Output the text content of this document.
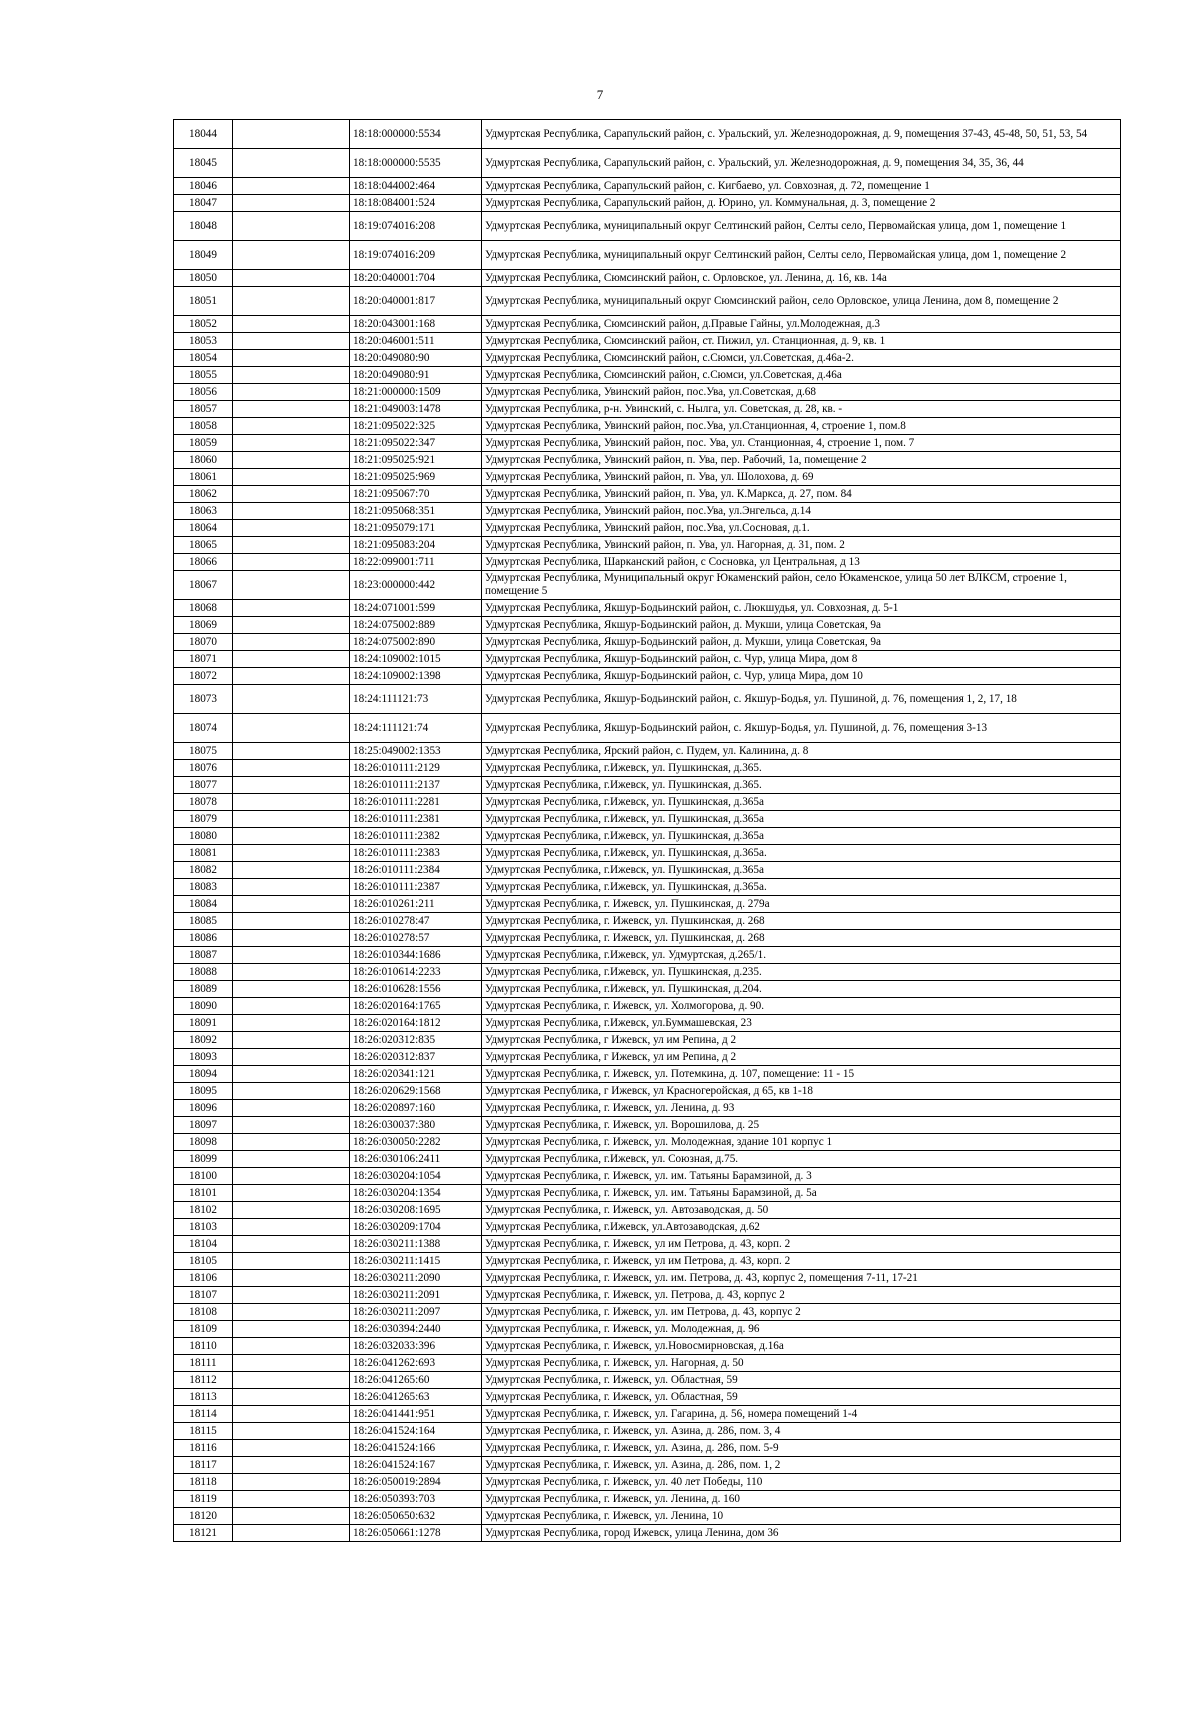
7
18044		18:18:000000:5534	Удмуртская Республика, Сарапульский район, с. Уральский, ул. Железнодорожная, д. 9, помещения 37-43, 45-48, 50, 51, 53, 54
18045		18:18:000000:5535	Удмуртская Республика, Сарапульский район, с. Уральский, ул. Железнодорожная, д. 9, помещения 34, 35, 36, 44
18046		18:18:044002:464	Удмуртская Республика, Сарапульский район, с. Кигбаево, ул. Совхозная, д. 72, помещение 1
18047		18:18:084001:524	Удмуртская Республика, Сарапульский район, д. Юрино, ул. Коммунальная, д. 3, помещение 2
18048		18:19:074016:208	Удмуртская Республика, муниципальный округ Селтинский район, Селты село, Первомайская улица, дом 1, помещение 1
18049		18:19:074016:209	Удмуртская Республика, муниципальный округ Селтинский район, Селты село, Первомайская улица, дом 1, помещение 2
18050		18:20:040001:704	Удмуртская Республика, Сюмсинский район, с. Орловское, ул. Ленина, д. 16, кв. 14а
18051		18:20:040001:817	Удмуртская Республика, муниципальный округ Сюмсинский район, село Орловское, улица Ленина, дом 8, помещение 2
18052		18:20:043001:168	Удмуртская Республика, Сюмсинский район, д.Правые Гайны, ул.Молодежная, д.3
18053		18:20:046001:511	Удмуртская Республика, Сюмсинский район, ст. Пижил, ул. Станционная, д. 9, кв. 1
18054		18:20:049080:90	Удмуртская Республика, Сюмсинский район, с.Сюмси, ул.Советская, д.46а-2.
18055		18:20:049080:91	Удмуртская Республика, Сюмсинский район, с.Сюмси, ул.Советская, д.46а
18056		18:21:000000:1509	Удмуртская Республика, Увинский район, пос.Ува, ул.Советская, д.68
18057		18:21:049003:1478	Удмуртская Республика, р-н. Увинский, с. Нылга, ул. Советская, д. 28, кв. -
18058		18:21:095022:325	Удмуртская Республика, Увинский район, пос.Ува, ул.Станционная, 4, строение 1, пом.8
18059		18:21:095022:347	Удмуртская Республика, Увинский район, пос. Ува, ул. Станционная, 4, строение 1, пом. 7
18060		18:21:095025:921	Удмуртская Республика, Увинский район, п. Ува, пер. Рабочий, 1а, помещение 2
18061		18:21:095025:969	Удмуртская Республика, Увинский район, п. Ува, ул. Шолохова, д. 69
18062		18:21:095067:70	Удмуртская Республика, Увинский район, п. Ува, ул. К.Маркса, д. 27, пом. 84
18063		18:21:095068:351	Удмуртская Республика, Увинский район, пос.Ува, ул.Энгельса, д.14
18064		18:21:095079:171	Удмуртская Республика, Увинский район, пос.Ува, ул.Сосновая, д.1.
18065		18:21:095083:204	Удмуртская Республика, Увинский район, п. Ува, ул. Нагорная, д. 31, пом. 2
18066		18:22:099001:711	Удмуртская Республика, Шарканский район, с Сосновка, ул Центральная, д 13
18067		18:23:000000:442	Удмуртская Республика, Муниципальный округ Юкаменский район, село Юкаменское, улица 50 лет ВЛКСМ, строение 1, помещение 5
18068		18:24:071001:599	Удмуртская Республика, Якшур-Бодьинский район, с. Люкшудья, ул. Совхозная, д. 5-1
18069		18:24:075002:889	Удмуртская Республика, Якшур-Бодьинский район, д. Мукши, улица Советская, 9а
18070		18:24:075002:890	Удмуртская Республика, Якшур-Бодьинский район, д. Мукши, улица Советская, 9а
18071		18:24:109002:1015	Удмуртская Республика, Якшур-Бодьинский район, с. Чур, улица Мира, дом 8
18072		18:24:109002:1398	Удмуртская Республика, Якшур-Бодьинский район, с. Чур, улица Мира, дом 10
18073		18:24:111121:73	Удмуртская Республика, Якшур-Бодьинский район, с. Якшур-Бодья, ул. Пушиной, д. 76, помещения 1, 2, 17, 18
18074		18:24:111121:74	Удмуртская Республика, Якшур-Бодьинский район, с. Якшур-Бодья, ул. Пушиной, д. 76, помещения 3-13
18075		18:25:049002:1353	Удмуртская Республика, Ярский район, с. Пудем, ул. Калинина, д. 8
18076		18:26:010111:2129	Удмуртская Республика, г.Ижевск, ул. Пушкинская, д.365.
18077		18:26:010111:2137	Удмуртская Республика, г.Ижевск, ул. Пушкинская, д.365.
18078		18:26:010111:2281	Удмуртская Республика, г.Ижевск, ул. Пушкинская, д.365а
18079		18:26:010111:2381	Удмуртская Республика, г.Ижевск, ул. Пушкинская, д.365а
18080		18:26:010111:2382	Удмуртская Республика, г.Ижевск, ул. Пушкинская, д.365а
18081		18:26:010111:2383	Удмуртская Республика, г.Ижевск, ул. Пушкинская, д.365а.
18082		18:26:010111:2384	Удмуртская Республика, г.Ижевск, ул. Пушкинская, д.365а
18083		18:26:010111:2387	Удмуртская Республика, г.Ижевск, ул. Пушкинская, д.365а.
18084		18:26:010261:211	Удмуртская Республика, г. Ижевск, ул. Пушкинская, д. 279а
18085		18:26:010278:47	Удмуртская Республика, г. Ижевск, ул. Пушкинская, д. 268
18086		18:26:010278:57	Удмуртская Республика, г. Ижевск, ул. Пушкинская, д. 268
18087		18:26:010344:1686	Удмуртская Республика, г.Ижевск, ул. Удмуртская, д.265/1.
18088		18:26:010614:2233	Удмуртская Республика, г.Ижевск, ул. Пушкинская, д.235.
18089		18:26:010628:1556	Удмуртская Республика, г.Ижевск, ул. Пушкинская, д.204.
18090		18:26:020164:1765	Удмуртская Республика, г. Ижевск, ул. Холмогорова, д. 90.
18091		18:26:020164:1812	Удмуртская Республика, г.Ижевск, ул.Буммашевская, 23
18092		18:26:020312:835	Удмуртская Республика, г Ижевск, ул им Репина, д 2
18093		18:26:020312:837	Удмуртская Республика, г Ижевск, ул им Репина, д 2
18094		18:26:020341:121	Удмуртская Республика, г. Ижевск, ул. Потемкина, д. 107, помещение: 11 - 15
18095		18:26:020629:1568	Удмуртская Республика, г Ижевск, ул Красногеройская, д 65, кв 1-18
18096		18:26:020897:160	Удмуртская Республика, г. Ижевск, ул. Ленина, д. 93
18097		18:26:030037:380	Удмуртская Республика, г. Ижевск, ул. Ворошилова, д. 25
18098		18:26:030050:2282	Удмуртская Республика, г. Ижевск, ул. Молодежная, здание 101 корпус 1
18099		18:26:030106:2411	Удмуртская Республика, г.Ижевск, ул. Союзная, д.75.
18100		18:26:030204:1054	Удмуртская Республика, г. Ижевск, ул. им. Татьяны Барамзиной, д. 3
18101		18:26:030204:1354	Удмуртская Республика, г. Ижевск, ул. им. Татьяны Барамзиной, д. 5а
18102		18:26:030208:1695	Удмуртская Республика, г. Ижевск, ул. Автозаводская, д. 50
18103		18:26:030209:1704	Удмуртская Республика, г.Ижевск, ул.Автозаводская, д.62
18104		18:26:030211:1388	Удмуртская Республика, г. Ижевск, ул им Петрова, д. 43, корп. 2
18105		18:26:030211:1415	Удмуртская Республика, г. Ижевск, ул им Петрова, д. 43, корп. 2
18106		18:26:030211:2090	Удмуртская Республика, г. Ижевск, ул. им. Петрова, д. 43, корпус 2, помещения 7-11, 17-21
18107		18:26:030211:2091	Удмуртская Республика, г. Ижевск, ул. Петрова, д. 43, корпус 2
18108		18:26:030211:2097	Удмуртская Республика, г. Ижевск, ул. им Петрова, д. 43, корпус 2
18109		18:26:030394:2440	Удмуртская Республика, г. Ижевск, ул. Молодежная, д. 96
18110		18:26:032033:396	Удмуртская Республика, г. Ижевск, ул.Новосмирновская, д.16а
18111		18:26:041262:693	Удмуртская Республика, г. Ижевск, ул. Нагорная, д. 50
18112		18:26:041265:60	Удмуртская Республика, г. Ижевск, ул. Областная, 59
18113		18:26:041265:63	Удмуртская Республика, г. Ижевск, ул. Областная, 59
18114		18:26:041441:951	Удмуртская Республика, г. Ижевск, ул. Гагарина, д. 56, номера помещений 1-4
18115		18:26:041524:164	Удмуртская Республика, г. Ижевск, ул. Азина, д. 286, пом. 3, 4
18116		18:26:041524:166	Удмуртская Республика, г. Ижевск, ул. Азина, д. 286, пом. 5-9
18117		18:26:041524:167	Удмуртская Республика, г. Ижевск, ул. Азина, д. 286, пом. 1, 2
18118		18:26:050019:2894	Удмуртская Республика, г. Ижевск, ул. 40 лет Победы, 110
18119		18:26:050393:703	Удмуртская Республика, г. Ижевск, ул. Ленина, д. 160
18120		18:26:050650:632	Удмуртская Республика, г. Ижевск, ул. Ленина, 10
18121		18:26:050661:1278	Удмуртская Республика, город Ижевск, улица Ленина, дом 36
